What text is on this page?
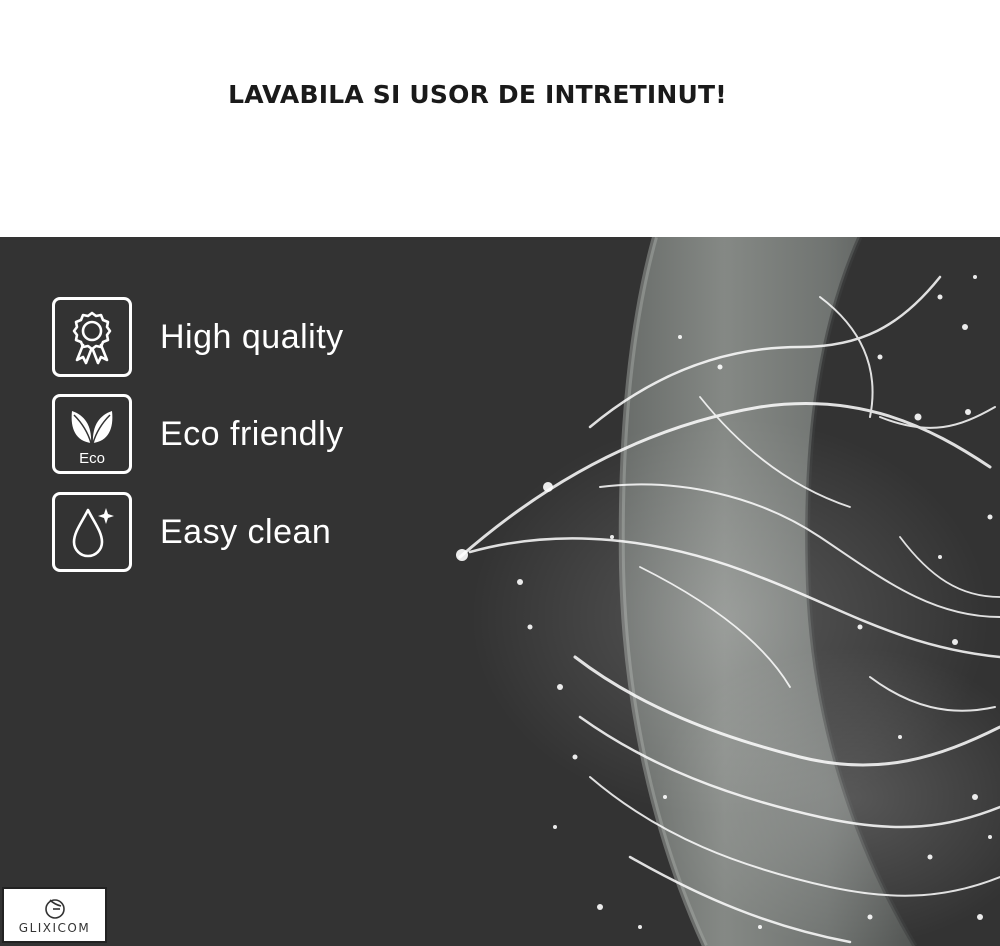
LAVABILA SI USOR DE INTRETINUT!
High quality
Eco
Eco friendly
Easy clean
GLIXICOM
